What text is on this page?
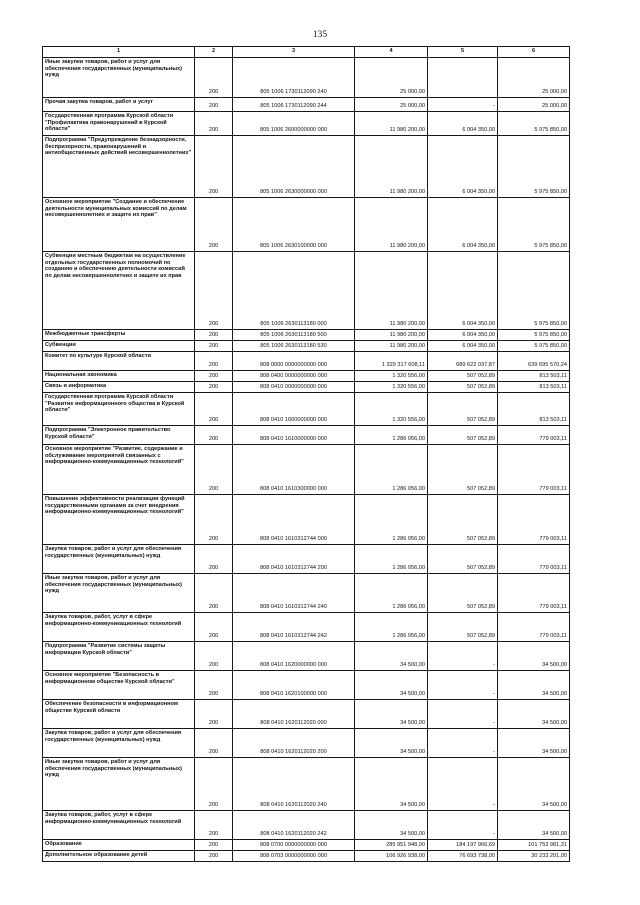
135
1	2	3	4	5	6
Иные закупки товаров, работ и услуг для обеспечения государственных (муниципальных) нужд	200	805 1006 1730112090 240	25 000,00		25 000,00
Прочая закупка товаров, работ и услуг	200	805 1006 1730112090 244	25 000,00	-	25 000,00
Государственная программа Курской области "Профилактика правонарушений в Курской области"	200	805 1006 2600000000 000	11 980 200,00	6 004 350,00	5 975 850,00
Подпрограмма "Предупреждение безнадзорности, беспризорности, правонарушений и антиобщественных действий несовершеннолетних"	200	805 1006 2630000000 000	11 980 200,00	6 004 350,00	5 975 850,00
Основное мероприятие "Создание и обеспечение деятельности муниципальных комиссий по делам несовершеннолетних и защите их прав"	200	805 1006 2630100000 000	11 980 200,00	6 004 350,00	5 975 850,00
Субвенции местным бюджетам на осуществление отдельных государственных полномочий по созданию и обеспечению деятельности комиссий по делам несовершеннолетних и защите их прав	200	805 1006 2630113180 000	11 980 200,00	6 004 350,00	5 975 850,00
Межбюджетные трансферты	200	805 1006 2630113180 500	11 980 200,00	6 004 350,00	5 975 850,00
Субвенции	200	805 1006 2630113180 530	11 980 200,00	6 004 350,00	5 975 850,00
Комитет по культуре Курской области	200	808 0000 0000000000 000	1 329 317 608,11	689 622 037,87	639 695 570,24
Национальная экономика	200	808 0400 0000000000 000	1 320 556,00	507 052,89	813 503,11
Связь и информатика	200	808 0410 0000000000 000	1 320 556,00	507 052,89	813 503,11
Государственная программа Курской области "Развитие информационного общества в Курской области"	200	808 0410 1600000000 000	1 320 556,00	507 052,89	813 503,11
Подпрограмма "Электронное правительство Курской области"	200	808 0410 1610000000 000	1 286 056,00	507 052,89	779 003,11
Основное мероприятие "Развитие, содержание и обслуживание мероприятий связанных с информационно-коммуникационных технологий"	200	808 0410 1610300000 000	1 286 056,00	507 052,89	779 003,11
Повышение эффективности реализации функций государственными органами за счет внедрения информационно-коммуникационных технологий"	200	808 0410 1610312744 000	1 286 056,00	507 052,89	779 003,11
Закупка товаров, работ и услуг для обеспечения государственных (муниципальных) нужд	200	808 0410 1610312744 200	1 286 056,00	507 052,89	779 003,11
Иные закупки товаров, работ и услуг для обеспечения государственных (муниципальных) нужд	200	808 0410 1610312744 240	1 286 056,00	507 052,89	779 003,11
Закупка товаров, работ, услуг в сфере информационно-коммуникационных технологий	200	808 0410 1610312744 242	1 286 056,00	507 052,89	779 003,11
Подпрограмма "Развитие системы защиты информации Курской области"	200	808 0410 1620000000 000	34 500,00	-	34 500,00
Основное мероприятие "Безопасность в информационном обществе Курской области"	200	808 0410 1620100000 000	34 500,00	-	34 500,00
Обеспечение безопасности в информационном обществе Курской области	200	808 0410 1620112020 000	34 500,00	-	34 500,00
Закупка товаров, работ и услуг для обеспечения государственных (муниципальных) нужд	200	808 0410 1620112020 200	34 500,00	-	34 500,00
Иные закупки товаров, работ и услуг для обеспечения государственных (муниципальных) нужд	200	808 0410 1620112020 240	34 500,00	-	34 500,00
Закупка товаров, работ, услуг в сфере информационно-коммуникационных технологий	200	808 0410 1620112020 242	34 500,00	-	34 500,00
Образование	200	808 0700 0000000000 000	285 951 948,00	184 197 966,69	101 753 981,31
Дополнительное образование детей	200	808 0703 0000000000 000	106 926 938,00	76 693 738,00	30 233 201,00
